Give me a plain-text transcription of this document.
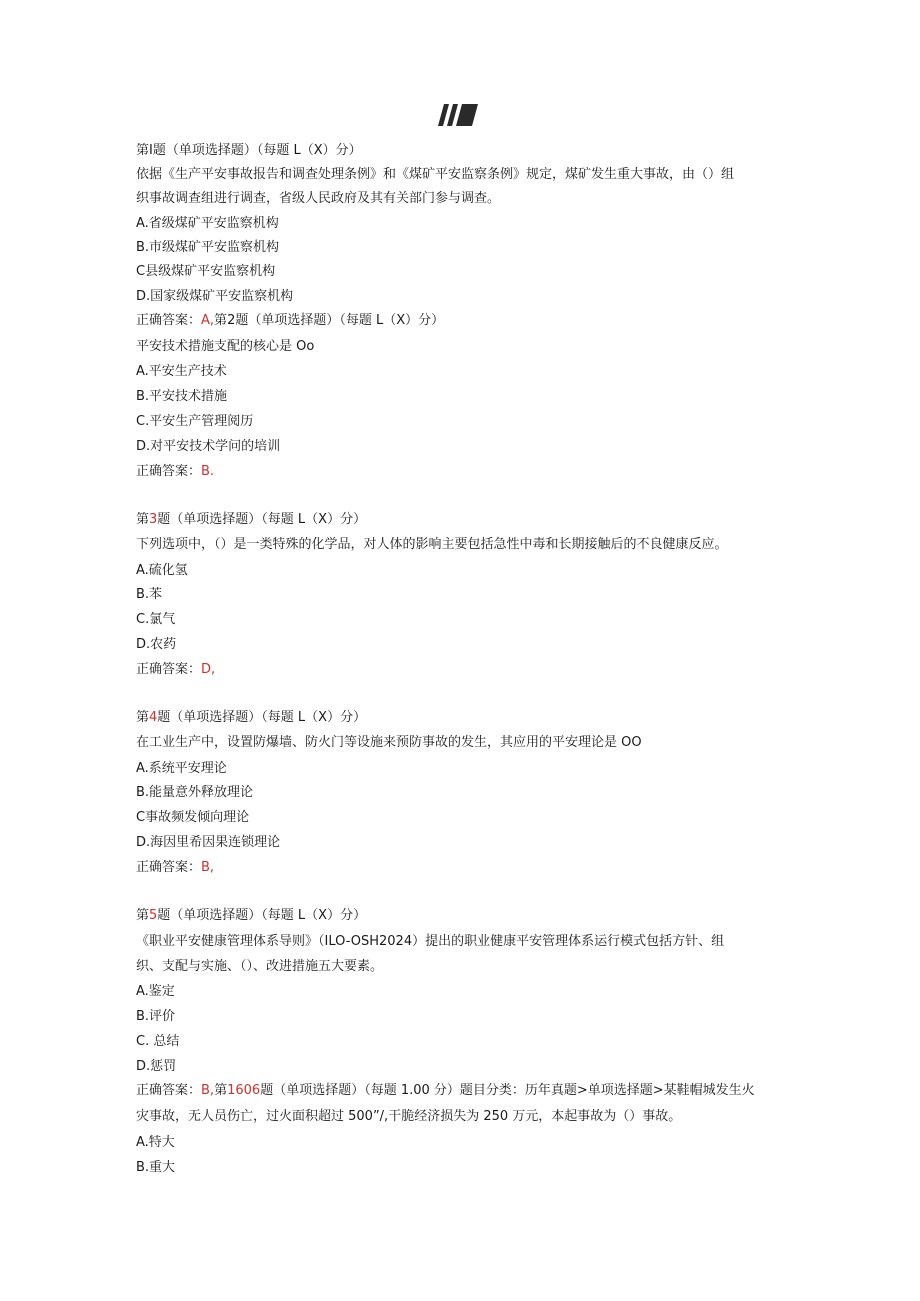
第I题（单项选择题）（每题 L（X）分）
依据《生产平安事故报告和调查处理条例》和《煤矿平安监察条例》规定，煤矿发生重大事故，由（）组
织事故调查组进行调查，省级人民政府及其有关部门参与调查。
A.省级煤矿平安监察机构
B.市级煤矿平安监察机构
C县级煤矿平安监察机构
D.国家级煤矿平安监察机构
正确答案：A,第2题（单项选择题）（每题 L（X）分）
平安技术措施支配的核心是 Oo
A.平安生产技术
B.平安技术措施
C.平安生产管理阅历
D.对平安技术学问的培训
正确答案：B.
第3题（单项选择题）（每题 L（X）分）
下列选项中，（）是一类特殊的化学品，对人体的影响主要包括急性中毒和长期接触后的不良健康反应。
A.硫化氢
B.苯
C.氯气
D.农药
正确答案：D,
第4题（单项选择题）（每题 L（X）分）
在工业生产中，设置防爆墙、防火门等设施来预防事故的发生，其应用的平安理论是 OO
A.系统平安理论
B.能量意外释放理论
C事故频发倾向理论
D.海因里希因果连锁理论
正确答案：B,
第5题（单项选择题）（每题 L（X）分）
《职业平安健康管理体系导则》（ILO-OSH2024）提出的职业健康平安管理体系运行模式包括方针、组
织、支配与实施、（）、改进措施五大要素。
A.鉴定
B.评价
C. 总结
D.惩罚
正确答案：B,第1606题（单项选择题）（每题 1.00 分）题目分类：历年真题>单项选择题>某鞋帽城发生火
灾事故，无人员伤亡，过火面积超过 500”/,干脆经济损失为 250 万元，本起事故为（）事故。
A.特大
B.重大
